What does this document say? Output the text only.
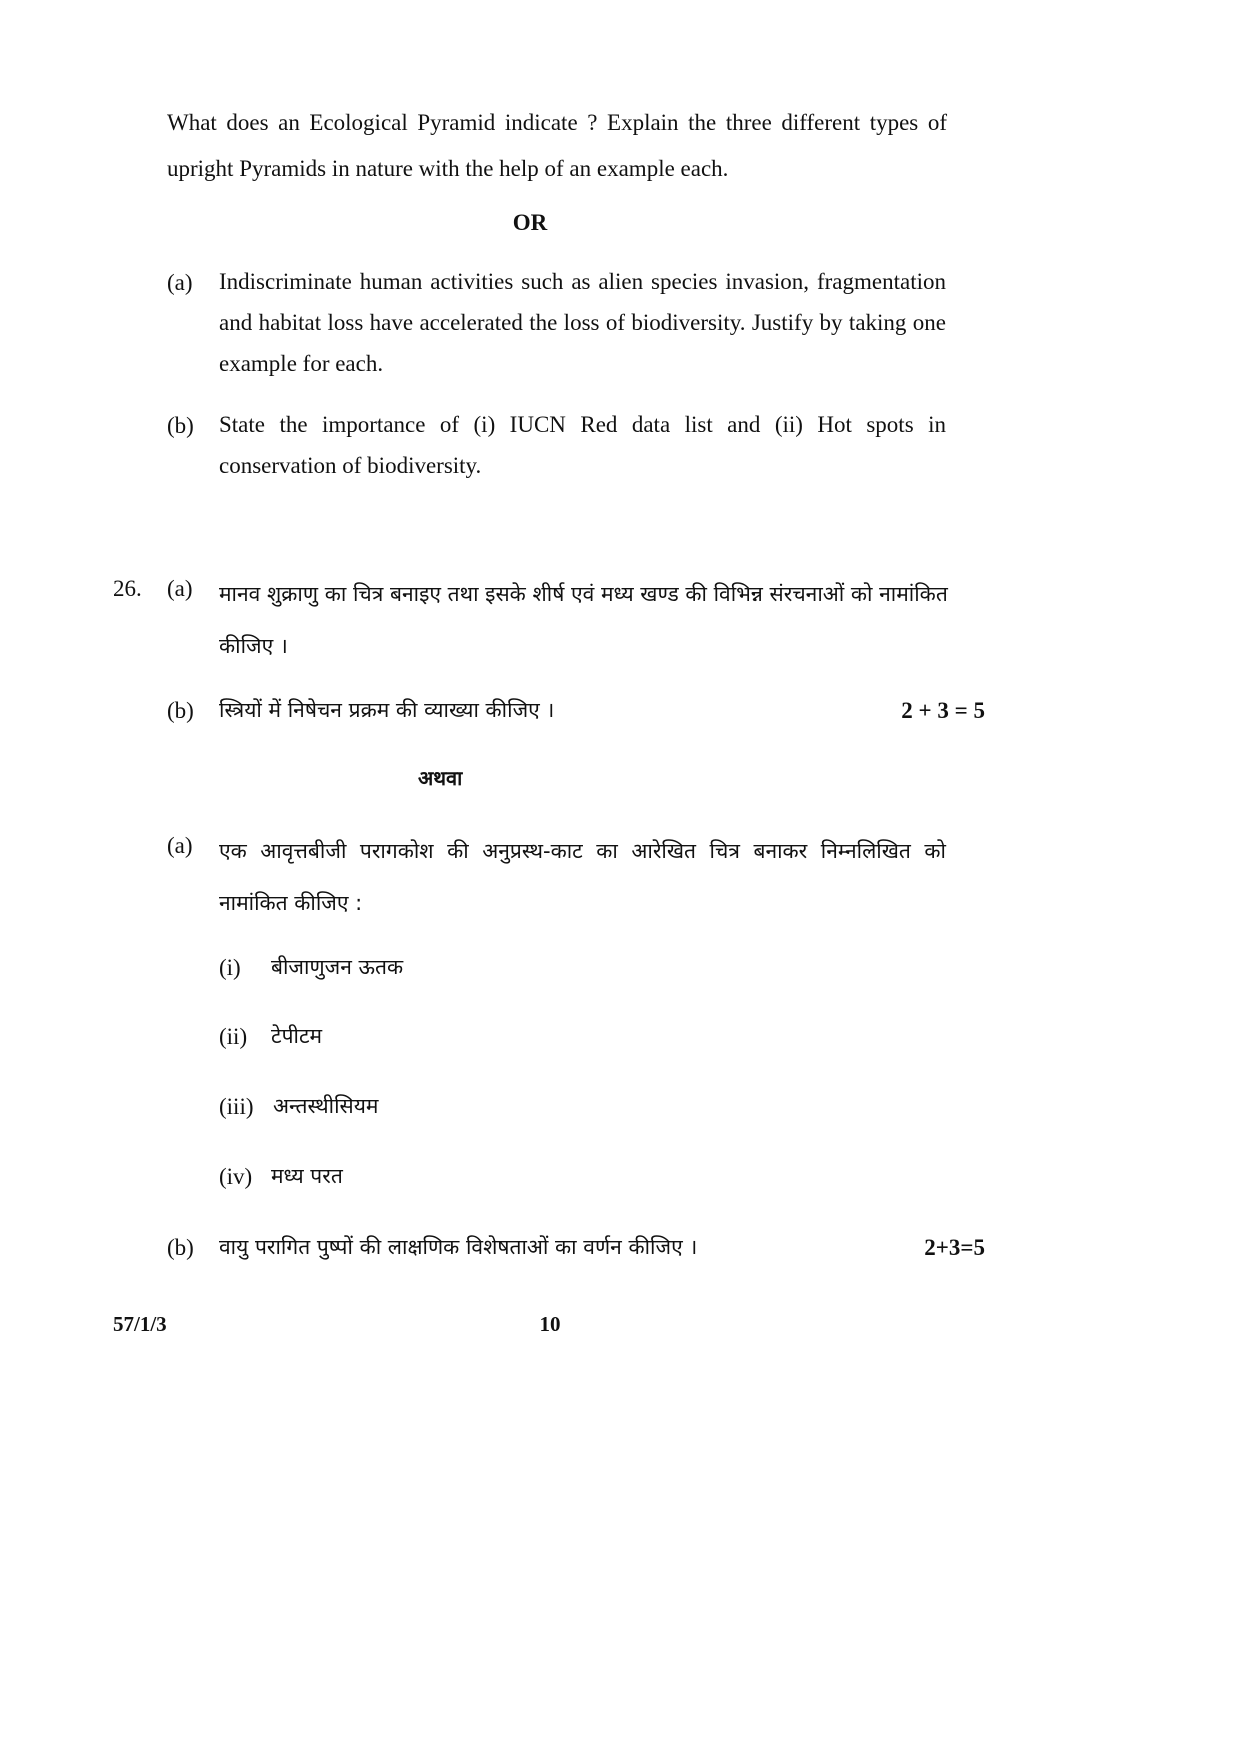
What does an Ecological Pyramid indicate ? Explain the three different types of upright Pyramids in nature with the help of an example each.
OR
(a) Indiscriminate human activities such as alien species invasion, fragmentation and habitat loss have accelerated the loss of biodiversity. Justify by taking one example for each.
(b) State the importance of (i) IUCN Red data list and (ii) Hot spots in conservation of biodiversity.
26. (a) मानव शुक्राणु का चित्र बनाइए तथा इसके शीर्ष एवं मध्य खण्ड की विभिन्न संरचनाओं को नामांकित कीजिए ।
(b) स्त्रियों में निषेचन प्रक्रम की व्याख्या कीजिए ।	2 + 3 = 5
अथवा
(a) एक आवृत्तबीजी परागकोश की अनुप्रस्थ-काट का आरेखित चित्र बनाकर निम्नलिखित को नामांकित कीजिए :
(i) बीजाणुजन ऊतक
(ii) टेपीटम
(iii) अन्तस्थीसियम
(iv) मध्य परत
(b) वायु परागित पुष्पों की लाक्षणिक विशेषताओं का वर्णन कीजिए ।	2+3=5
57/1/3	10
